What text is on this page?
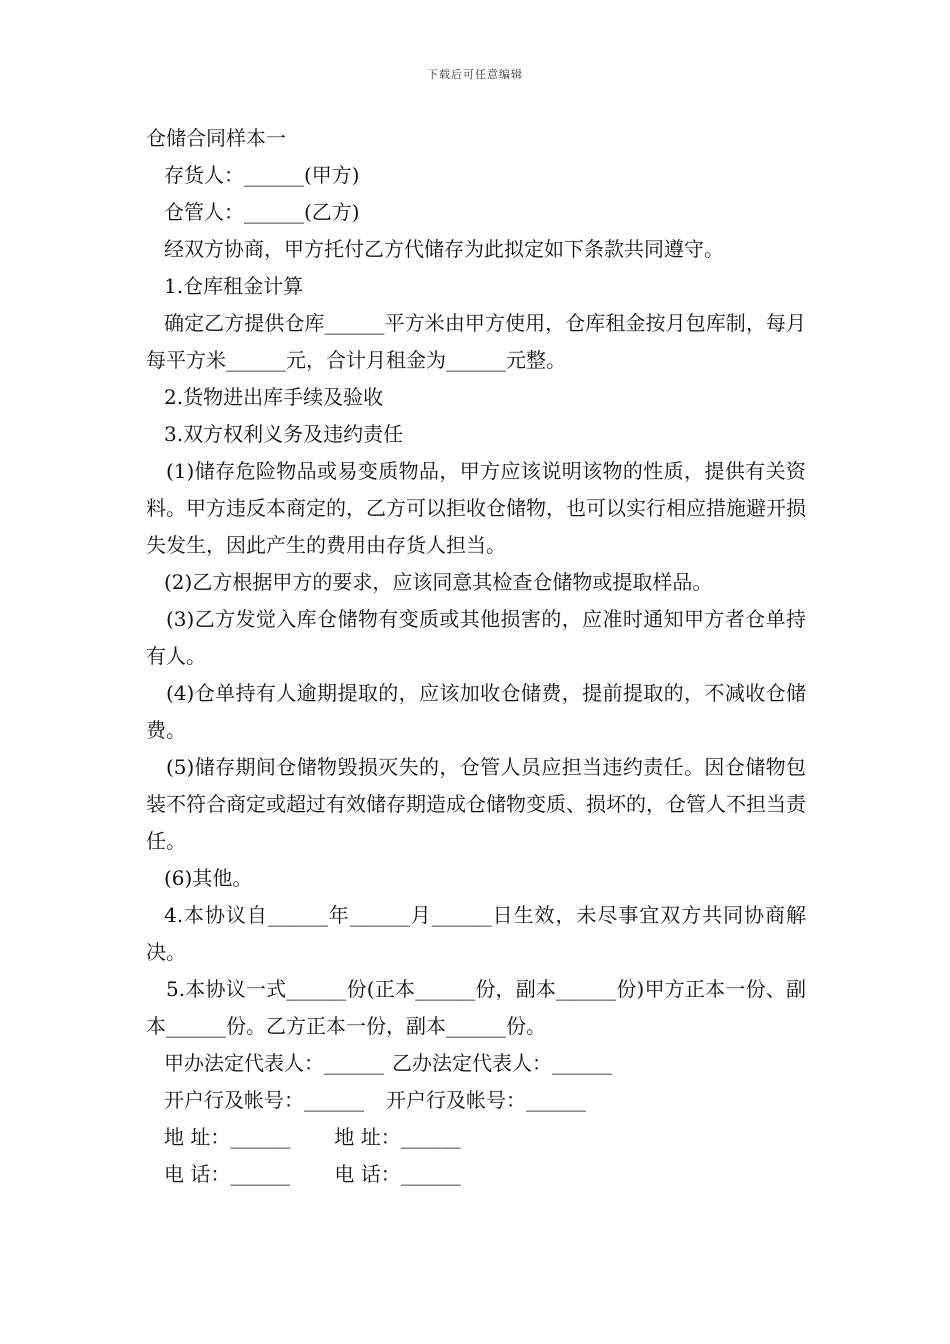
下载后可任意编辑

仓储合同样本一

存货人：______(甲方)

仓管人：______(乙方)

经双方协商，甲方托付乙方代储存为此拟定如下条款共同遵守。

1.仓库租金计算

确定乙方提供仓库______平方米由甲方使用，仓库租金按月包库制，每月每平方米______元，合计月租金为______元整。

2.货物进出库手续及验收

3.双方权利义务及违约责任

(1)储存危险物品或易变质物品，甲方应该说明该物的性质，提供有关资料。甲方违反本商定的，乙方可以拒收仓储物，也可以实行相应措施避开损失发生，因此产生的费用由存货人担当。

(2)乙方根据甲方的要求，应该同意其检查仓储物或提取样品。

(3)乙方发觉入库仓储物有变质或其他损害的，应准时通知甲方者仓单持有人。

(4)仓单持有人逾期提取的，应该加收仓储费，提前提取的，不减收仓储费。

(5)储存期间仓储物毁损灭失的，仓管人员应担当违约责任。因仓储物包装不符合商定或超过有效储存期造成仓储物变质、损坏的，仓管人不担当责任。

(6)其他。

4.本协议自______年______月______日生效，未尽事宜双方共同协商解决。

5.本协议一式______份(正本______份，副本______份)甲方正本一份、副本______份。乙方正本一份，副本______份。

甲办法定代表人：______ 乙办法定代表人：______

开户行及帐号：______ 开户行及帐号：______

地 址：______ 地 址：______

电 话：______ 电 话：______
